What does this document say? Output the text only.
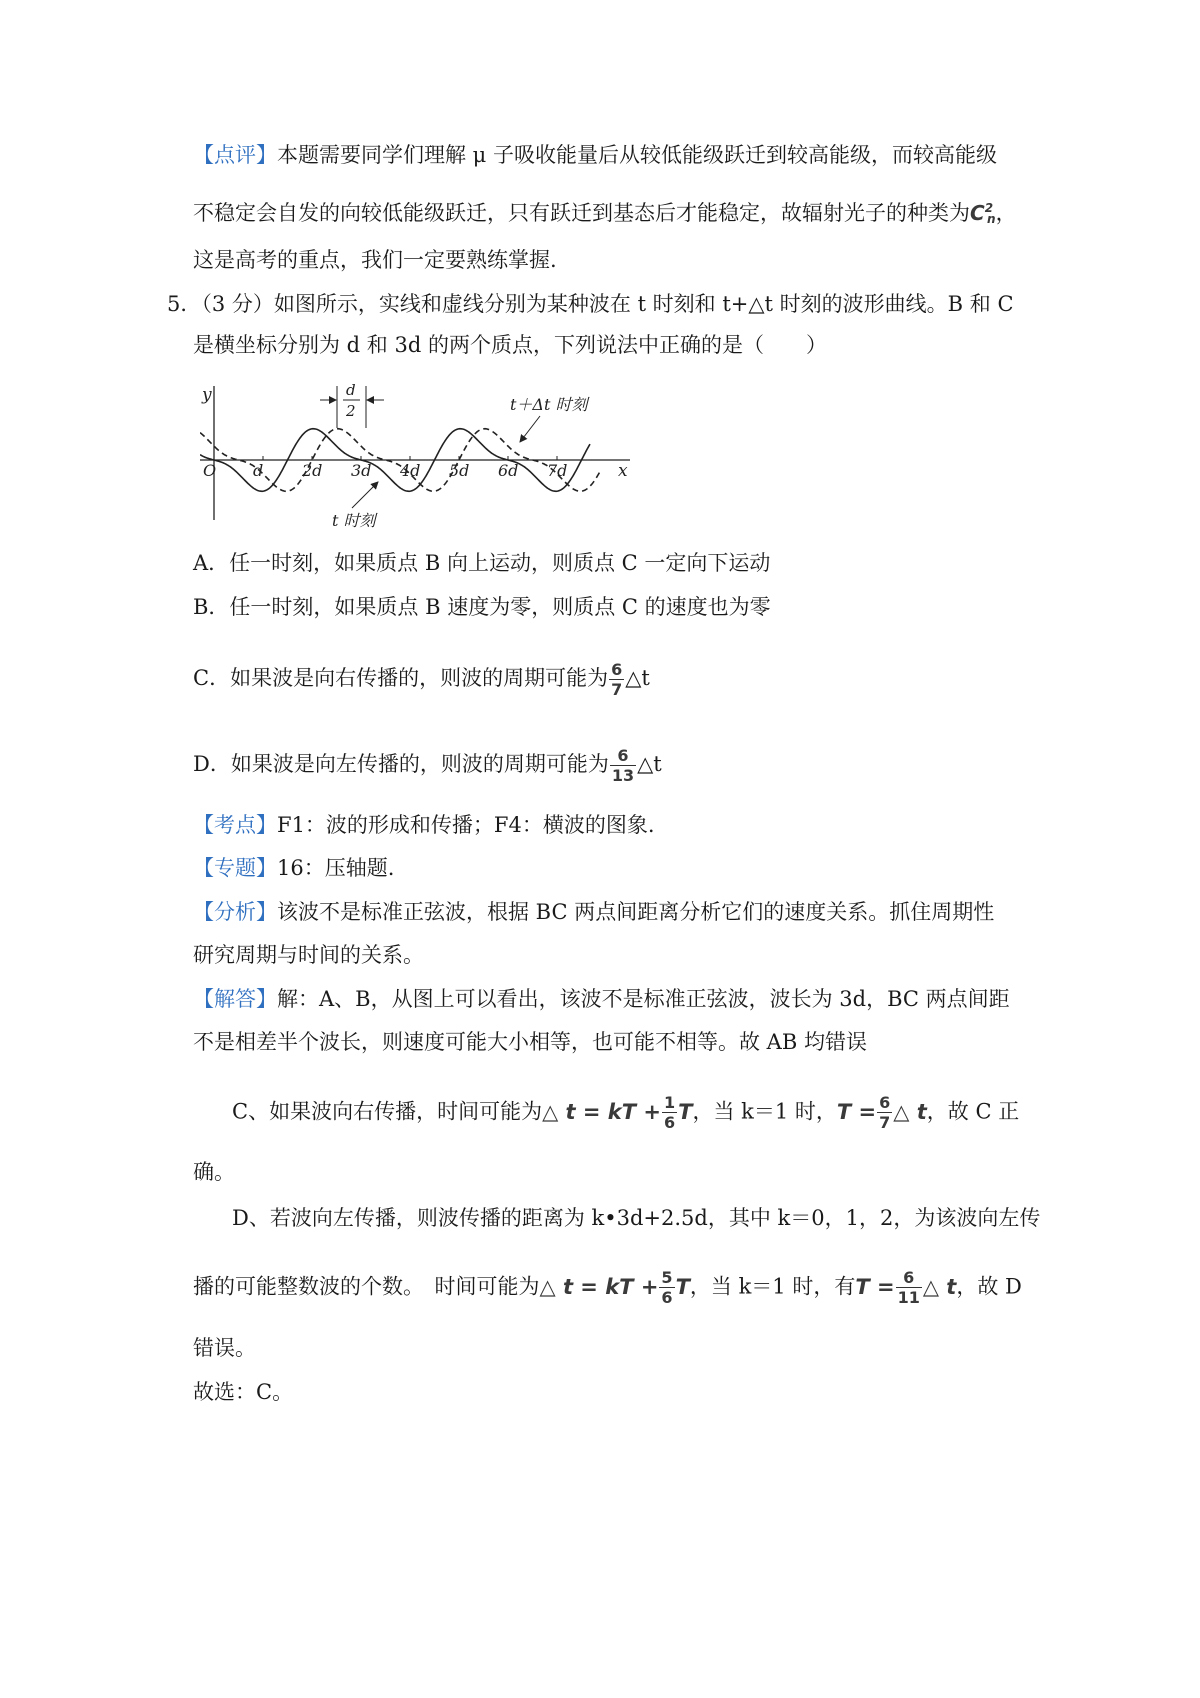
【点评】本题需要同学们理解 μ 子吸收能量后从较低能级跃迁到较高能级，而较高能级
不稳定会自发的向较低能级跃迁，只有跃迁到基态后才能稳定，故辐射光子的种类为$C^2_n$，
这是高考的重点，我们一定要熟练掌握.
5．（3 分）如图所示，实线和虚线分别为某种波在 t 时刻和 t+△t 时刻的波形曲线。B 和 C
是横坐标分别为 d 和 3d 的两个质点，下列说法中正确的是（　　）
y
x
O d 2d 3d 4d 5d 6d 7d
d
2	t＋Δt 时刻
t 时刻
A．任一时刻，如果质点 B 向上运动，则质点 C 一定向下运动
B．任一时刻，如果质点 B 速度为零，则质点 C 的速度也为零
C．如果波是向右传播的，则波的周期可能为 $\frac{6}{7}$ △t
D．如果波是向左传播的，则波的周期可能为 $\frac{6}{13}$ △t
【考点】F1：波的形成和传播；F4：横波的图象.
【专题】16：压轴题.
【分析】该波不是标准正弦波，根据 BC 两点间距离分析它们的速度关系。抓住周期性
研究周期与时间的关系。
【解答】解：A、B，从图上可以看出，该波不是标准正弦波，波长为 3d，BC 两点间距
不是相差半个波长，则速度可能大小相等，也可能不相等。故 AB 均错误
C、如果波向右传播，时间可能为△ t = kT + $\frac{1}{6}$ T，当 k＝1 时，$T = \frac{6}{7}$ △ t，故 C 正
确。
D、若波向左传播，则波传播的距离为 k•3d+2.5d，其中 k＝0，1，2，为该波向左传
播的可能整数波的个数。　时间可能为△ t = kT + $\frac{5}{6}$ T，当 k＝1 时，有$T = \frac{6}{11}$ △ t，故 D
错误。
故选：C。
